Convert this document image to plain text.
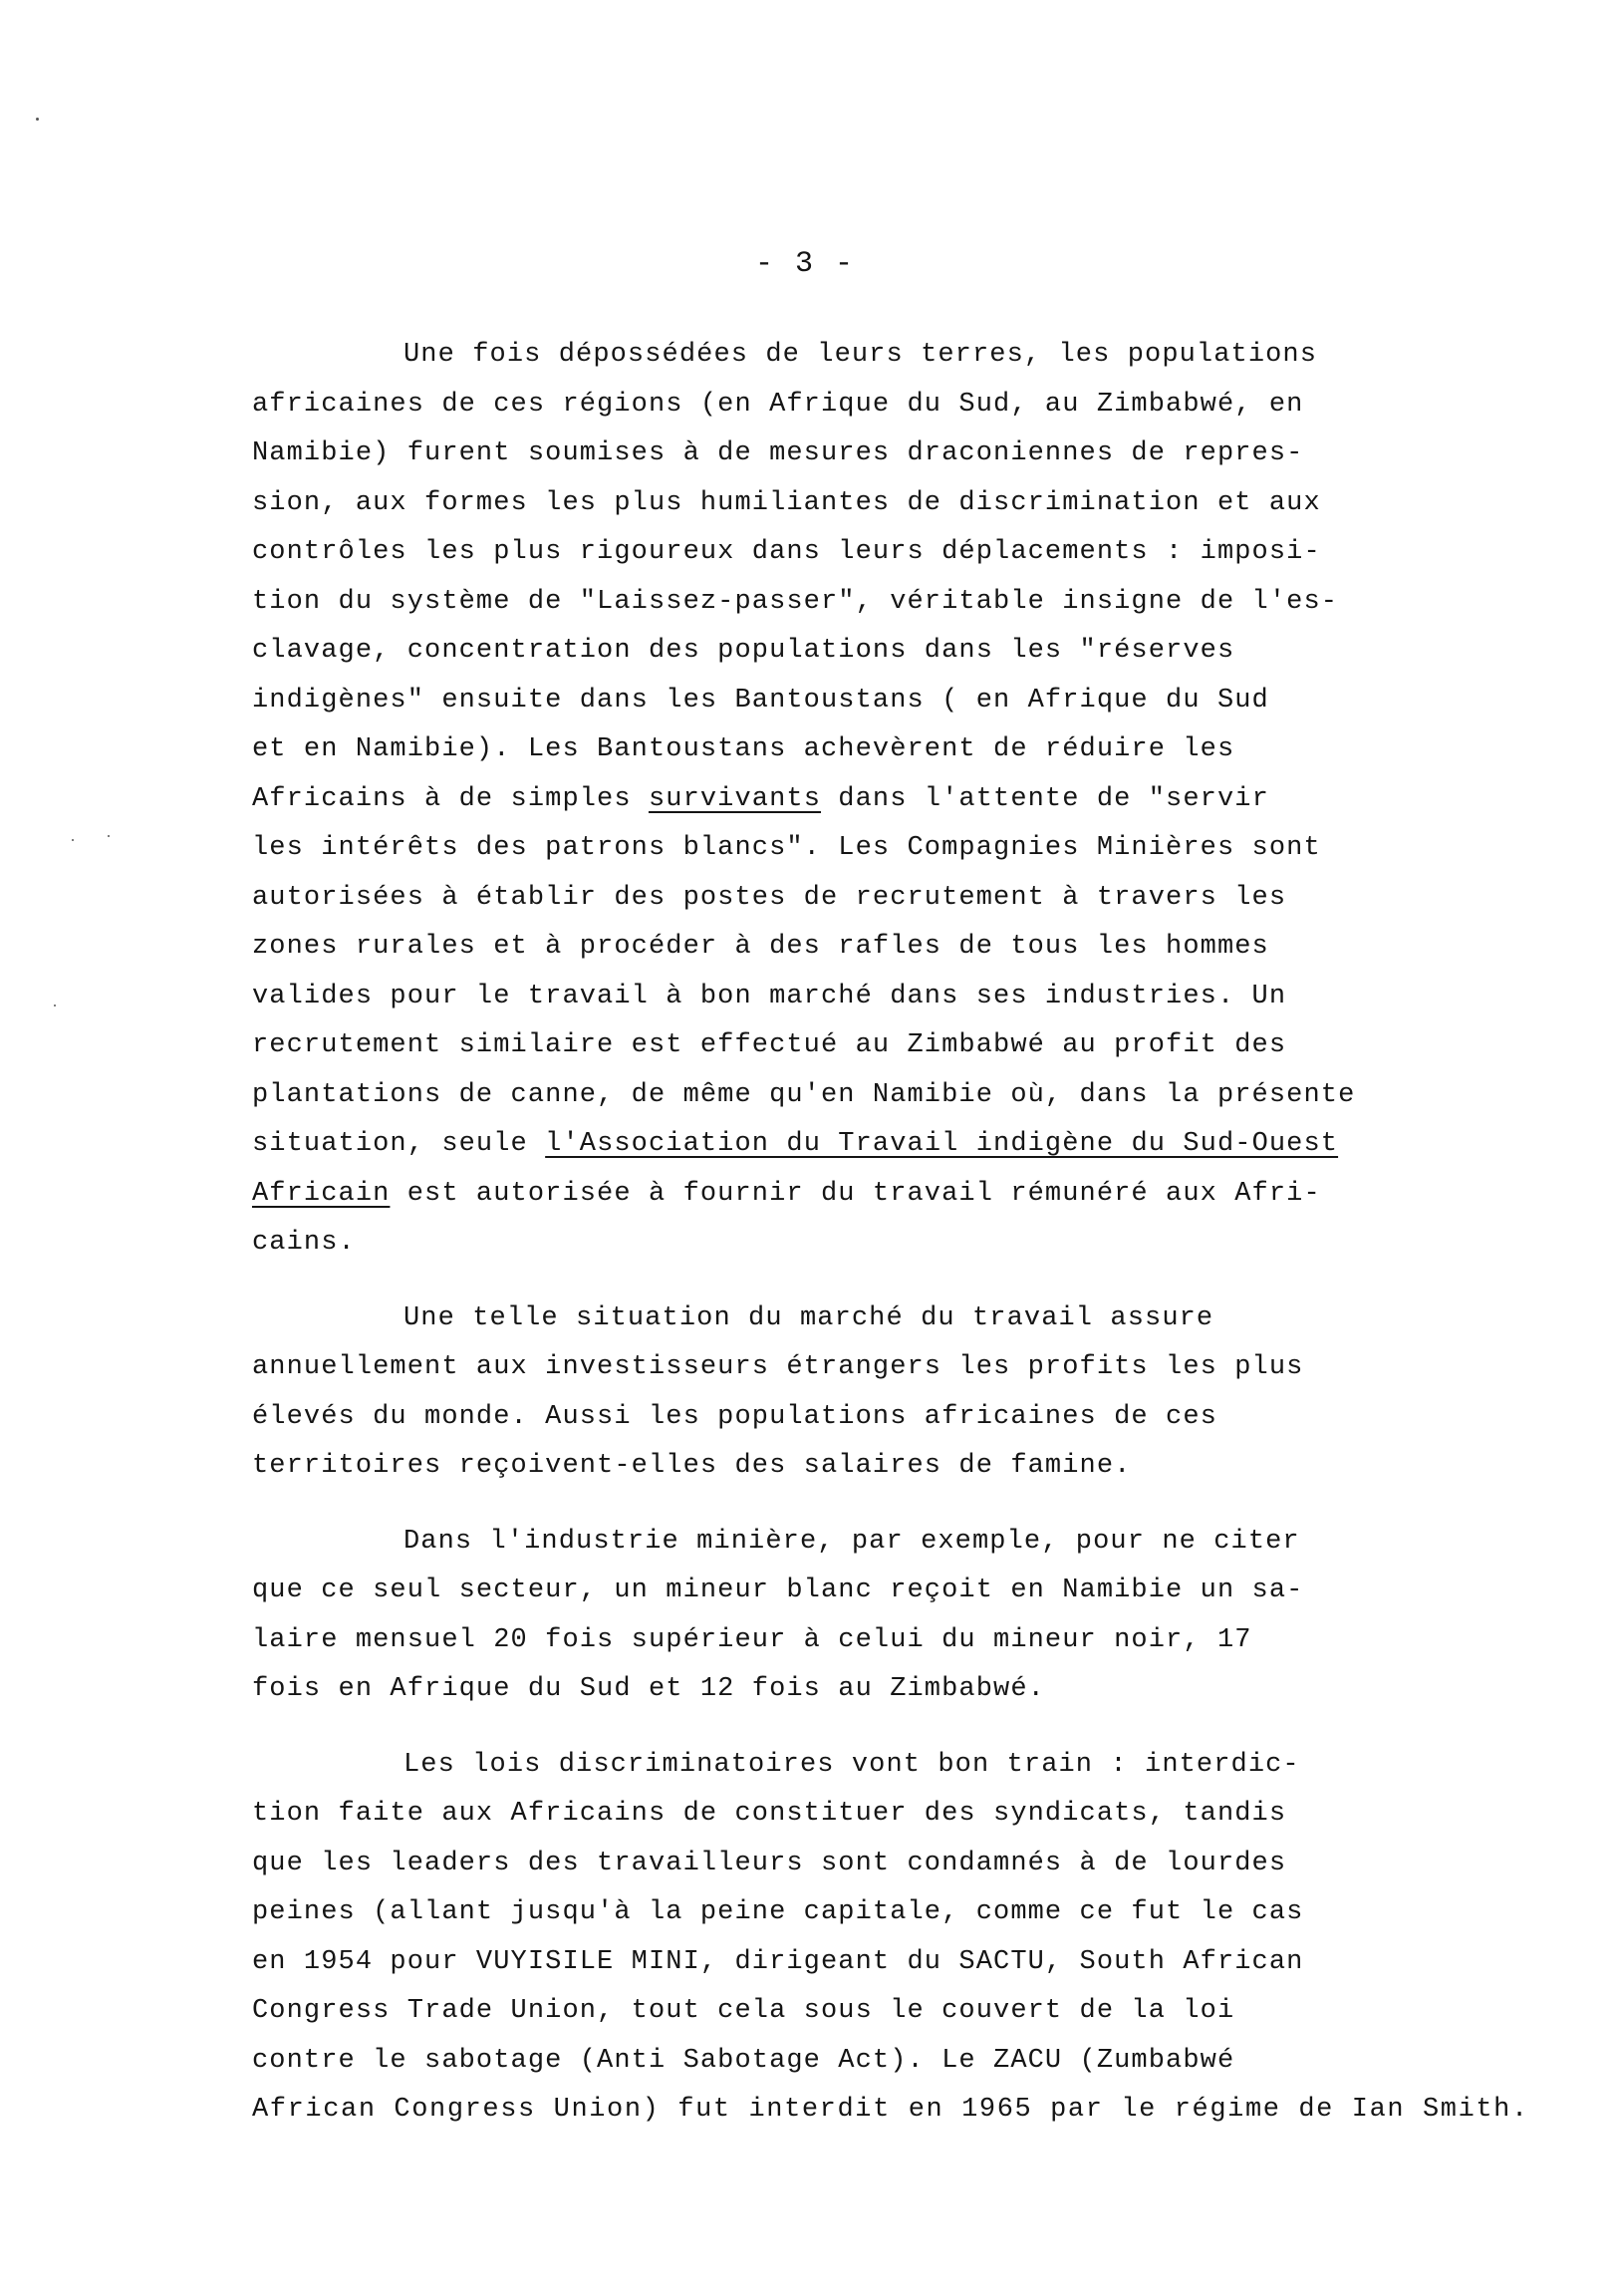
- 3 -
Une fois dépossédées de leurs terres, les populations
africaines de ces régions (en Afrique du Sud, au Zimbabwé, en
Namibie) furent soumises à de mesures draconiennes de repres-
sion, aux formes les plus humiliantes de discrimination et aux
contrôles les plus rigoureux dans leurs déplacements : imposi-
tion du système de "Laissez-passer", véritable insigne de l'es-
clavage, concentration des populations dans les "réserves
indigènes" ensuite dans les Bantoustans ( en Afrique du Sud
et en Namibie). Les Bantoustans achevèrent de réduire les
Africains à de simples survivants dans l'attente de "servir
les intérêts des patrons blancs". Les Compagnies Minières sont
autorisées à établir des postes de recrutement à travers les
zones rurales et à procéder à des rafles de tous les hommes
valides pour le travail à bon marché dans ses industries. Un
recrutement similaire est effectué au Zimbabwé au profit des
plantations de canne, de même qu'en Namibie où, dans la présente
situation, seule l'Association du Travail indigène du Sud-Ouest
Africain est autorisée à fournir du travail rémunéré aux Afri-
cains.
Une telle situation du marché du travail assure
annuellement aux investisseurs étrangers les profits les plus
élevés du monde. Aussi les populations africaines de ces
territoires reçoivent-elles des salaires de famine.
Dans l'industrie minière, par exemple, pour ne citer
que ce seul secteur, un mineur blanc reçoit en Namibie un sa-
laire mensuel 20 fois supérieur à celui du mineur noir, 17
fois en Afrique du Sud et 12 fois au Zimbabwé.
Les lois discriminatoires vont bon train : interdic-
tion faite aux Africains de constituer des syndicats, tandis
que les leaders des travailleurs sont condamnés à de lourdes
peines (allant jusqu'à la peine capitale, comme ce fut le cas
en 1954 pour VUYISILE MINI, dirigeant du SACTU, South African
Congress Trade Union, tout cela sous le couvert de la loi
contre le sabotage (Anti Sabotage Act). Le ZACU (Zumbabwé
African Congress Union) fut interdit en 1965 par le régime de Ian Smith.
